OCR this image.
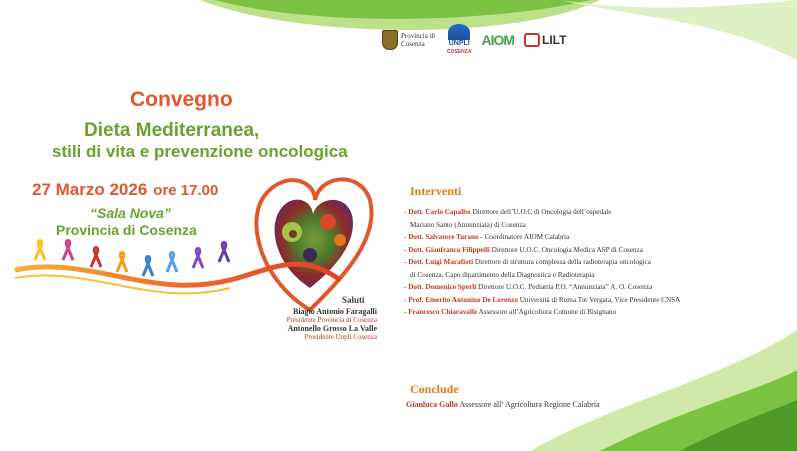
Provincia di Cosenza	UNPLI
COSENZA
AIOM LILT
Convegno
Dieta Mediterranea,
stili di vita e prevenzione oncologica
27 Marzo 2026 ore 17.00
“Sala Nova”
Provincia di Cosenza
Saluti
Biagio Antonio Faragalli
Presidente Provincia di Cosenza
Antonello Grosso La Valle
Presidente Unpli Cosenza
Interventi
- Dott. Carlo Capalbo Direttore dell’U.O.C di Oncologia dell’ospedale
Mariano Santo (Annunziata) di Cosenza
- Dott. Salvatore Turano - Coordinatore AIOM Calabria
- Dott. Gianfranco Filippelli Direttore U.O.C. Oncologia Medica ASP di Cosenza
- Dott. Luigi Marafioti Direttore di struttura complessa della radioterapia oncologica
di Cosenza, Capo dipartimento della Diagnostica e Radioterapia
- Dott. Domenico Sperlì Direttore U.O.C. Pediatria P.O. “Annunziata” A. O. Cosenza
- Prof. Emerito Antonino De Lorenzo Università di Roma Tor Vergata, Vice Presidente CNSA
- Francesco Chiaravalle Assessore all’Agricoltura Comune di Bisignano
Conclude
Gianluca Gallo Assessore all’ Agricoltura Regione Calabria
